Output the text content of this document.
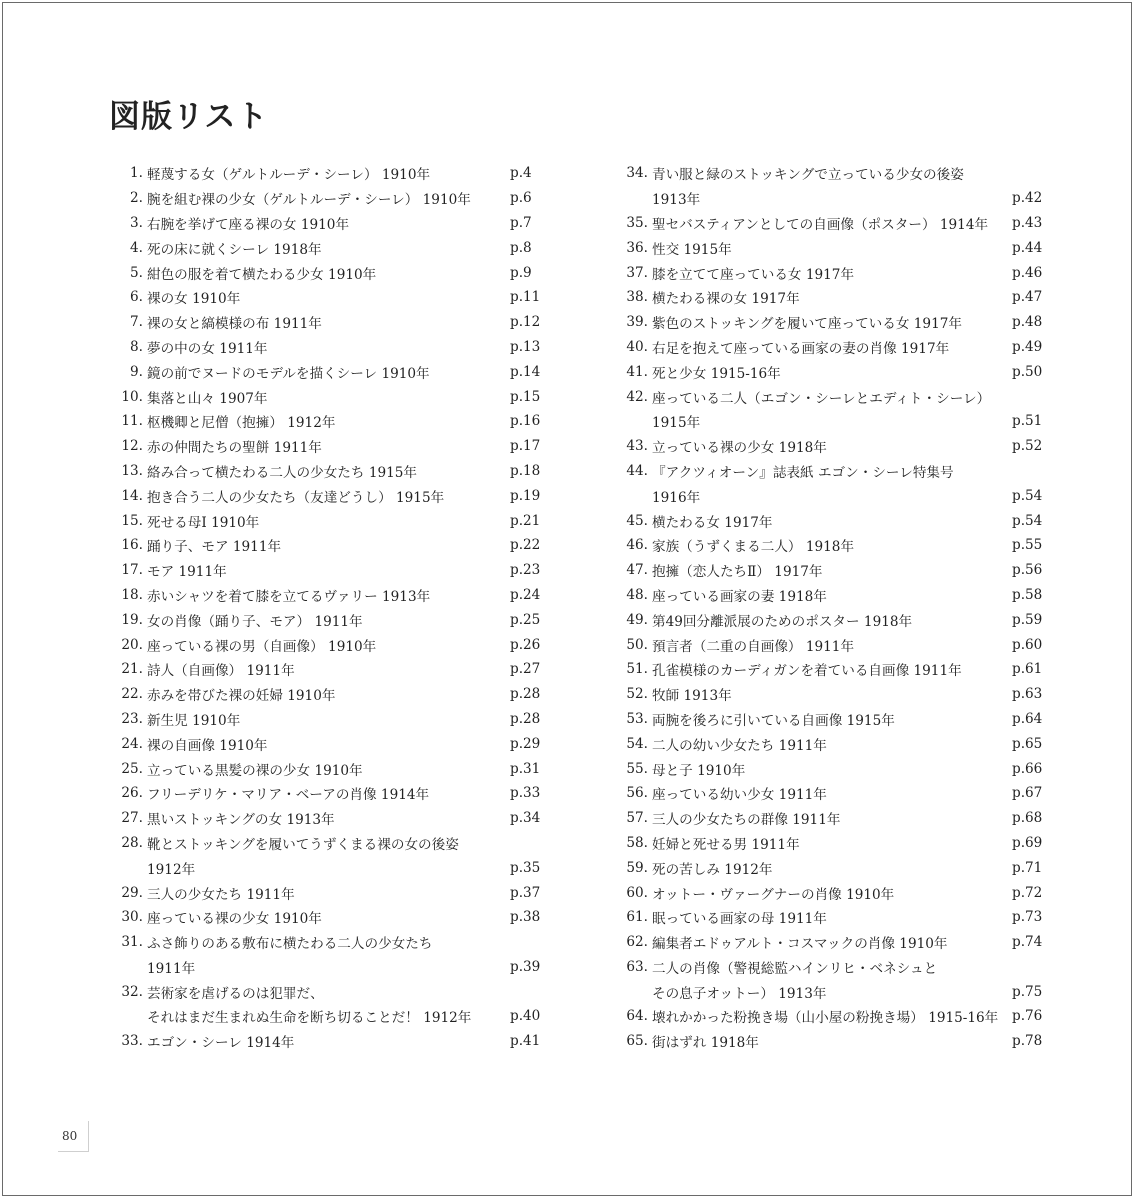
図版リスト
1. 軽蔑する女（ゲルトルーデ・シーレ） 1910年	p.4
2. 腕を組む裸の少女（ゲルトルーデ・シーレ） 1910年	p.6
3. 右腕を挙げて座る裸の女 1910年	p.7
4. 死の床に就くシーレ 1918年	p.8
5. 紺色の服を着て横たわる少女 1910年	p.9
6. 裸の女 1910年	p.11
7. 裸の女と縞模様の布 1911年	p.12
8. 夢の中の女 1911年	p.13
9. 鏡の前でヌードのモデルを描くシーレ 1910年	p.14
10. 集落と山々 1907年	p.15
11. 枢機卿と尼僧（抱擁） 1912年	p.16
12. 赤の仲間たちの聖餅 1911年	p.17
13. 絡み合って横たわる二人の少女たち 1915年	p.18
14. 抱き合う二人の少女たち（友達どうし） 1915年	p.19
15. 死せる母Ⅰ 1910年	p.21
16. 踊り子、モア 1911年	p.22
17. モア 1911年	p.23
18. 赤いシャツを着て膝を立てるヴァリー 1913年	p.24
19. 女の肖像（踊り子、モア） 1911年	p.25
20. 座っている裸の男（自画像） 1910年	p.26
21. 詩人（自画像） 1911年	p.27
22. 赤みを帯びた裸の妊婦 1910年	p.28
23. 新生児 1910年	p.28
24. 裸の自画像 1910年	p.29
25. 立っている黒髪の裸の少女 1910年	p.31
26. フリーデリケ・マリア・ベーアの肖像 1914年	p.33
27. 黒いストッキングの女 1913年	p.34
28. 靴とストッキングを履いてうずくまる裸の女の後姿
1912年	p.35
29. 三人の少女たち 1911年	p.37
30. 座っている裸の少女 1910年	p.38
31. ふさ飾りのある敷布に横たわる二人の少女たち
1911年	p.39
32. 芸術家を虐げるのは犯罪だ、
それはまだ生まれぬ生命を断ち切ることだ！ 1912年	p.40
33. エゴン・シーレ 1914年	p.41
34. 青い服と緑のストッキングで立っている少女の後姿
1913年	p.42
35. 聖セバスティアンとしての自画像（ポスター） 1914年	p.43
36. 性交 1915年	p.44
37. 膝を立てて座っている女 1917年	p.46
38. 横たわる裸の女 1917年	p.47
39. 紫色のストッキングを履いて座っている女 1917年	p.48
40. 右足を抱えて座っている画家の妻の肖像 1917年	p.49
41. 死と少女 1915-16年	p.50
42. 座っている二人（エゴン・シーレとエディト・シーレ）
1915年	p.51
43. 立っている裸の少女 1918年	p.52
44. 『アクツィオーン』誌表紙 エゴン・シーレ特集号
1916年	p.54
45. 横たわる女 1917年	p.54
46. 家族（うずくまる二人） 1918年	p.55
47. 抱擁（恋人たちⅡ） 1917年	p.56
48. 座っている画家の妻 1918年	p.58
49. 第49回分離派展のためのポスター 1918年	p.59
50. 預言者（二重の自画像） 1911年	p.60
51. 孔雀模様のカーディガンを着ている自画像 1911年	p.61
52. 牧師 1913年	p.63
53. 両腕を後ろに引いている自画像 1915年	p.64
54. 二人の幼い少女たち 1911年	p.65
55. 母と子 1910年	p.66
56. 座っている幼い少女 1911年	p.67
57. 三人の少女たちの群像 1911年	p.68
58. 妊婦と死せる男 1911年	p.69
59. 死の苦しみ 1912年	p.71
60. オットー・ヴァーグナーの肖像 1910年	p.72
61. 眠っている画家の母 1911年	p.73
62. 編集者エドゥアルト・コスマックの肖像 1910年	p.74
63. 二人の肖像（警視総監ハインリヒ・ベネシュと
その息子オットー） 1913年	p.75
64. 壊れかかった粉挽き場（山小屋の粉挽き場） 1915-16年	p.76
65. 街はずれ 1918年	p.78
80
